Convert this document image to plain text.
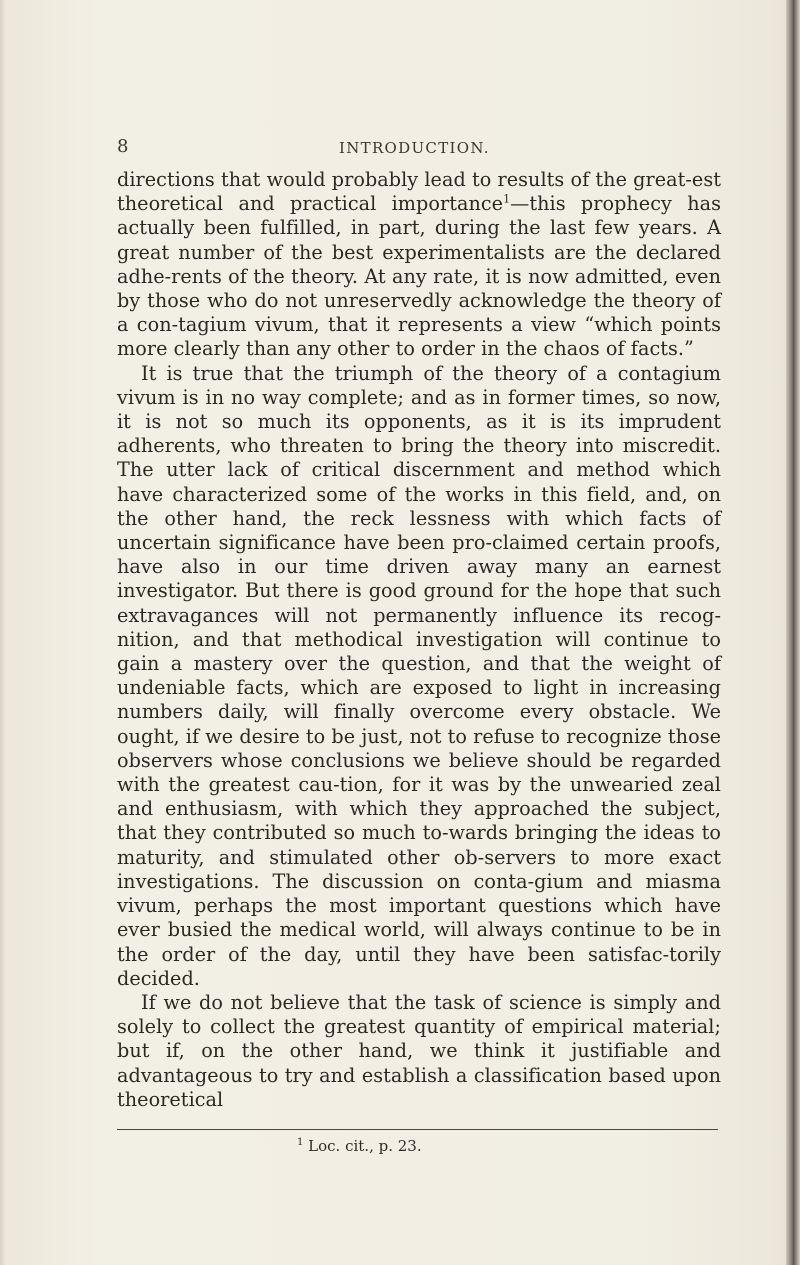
8	INTRODUCTION.

directions that would probably lead to results of the great-est theoretical and practical importance$^1$—this prophecy has actually been fulfilled, in part, during the last few years. A great number of the best experimentalists are the declared adhe-rents of the theory. At any rate, it is now admitted, even by those who do not unreservedly acknowledge the theory of a con-tagium vivum, that it represents a view “which points more clearly than any other to order in the chaos of facts.”

It is true that the triumph of the theory of a contagium vivum is in no way complete; and as in former times, so now, it is not so much its opponents, as it is its imprudent adherents, who threaten to bring the theory into miscredit. The utter lack of critical discernment and method which have characterized some of the works in this field, and, on the other hand, the reck lessness with which facts of uncertain significance have been pro-claimed certain proofs, have also in our time driven away many an earnest investigator. But there is good ground for the hope that such extravagances will not permanently influence its recog-nition, and that methodical investigation will continue to gain a mastery over the question, and that the weight of undeniable facts, which are exposed to light in increasing numbers daily, will finally overcome every obstacle. We ought, if we desire to be just, not to refuse to recognize those observers whose conclusions we believe should be regarded with the greatest cau-tion, for it was by the unwearied zeal and enthusiasm, with which they approached the subject, that they contributed so much to-wards bringing the ideas to maturity, and stimulated other ob-servers to more exact investigations. The discussion on conta-gium and miasma vivum, perhaps the most important questions which have ever busied the medical world, will always continue to be in the order of the day, until they have been satisfac-torily decided.

If we do not believe that the task of science is simply and solely to collect the greatest quantity of empirical material; but if, on the other hand, we think it justifiable and advantageous to try and establish a classification based upon theoretical

$^1$ Loc. cit., p. 23.
